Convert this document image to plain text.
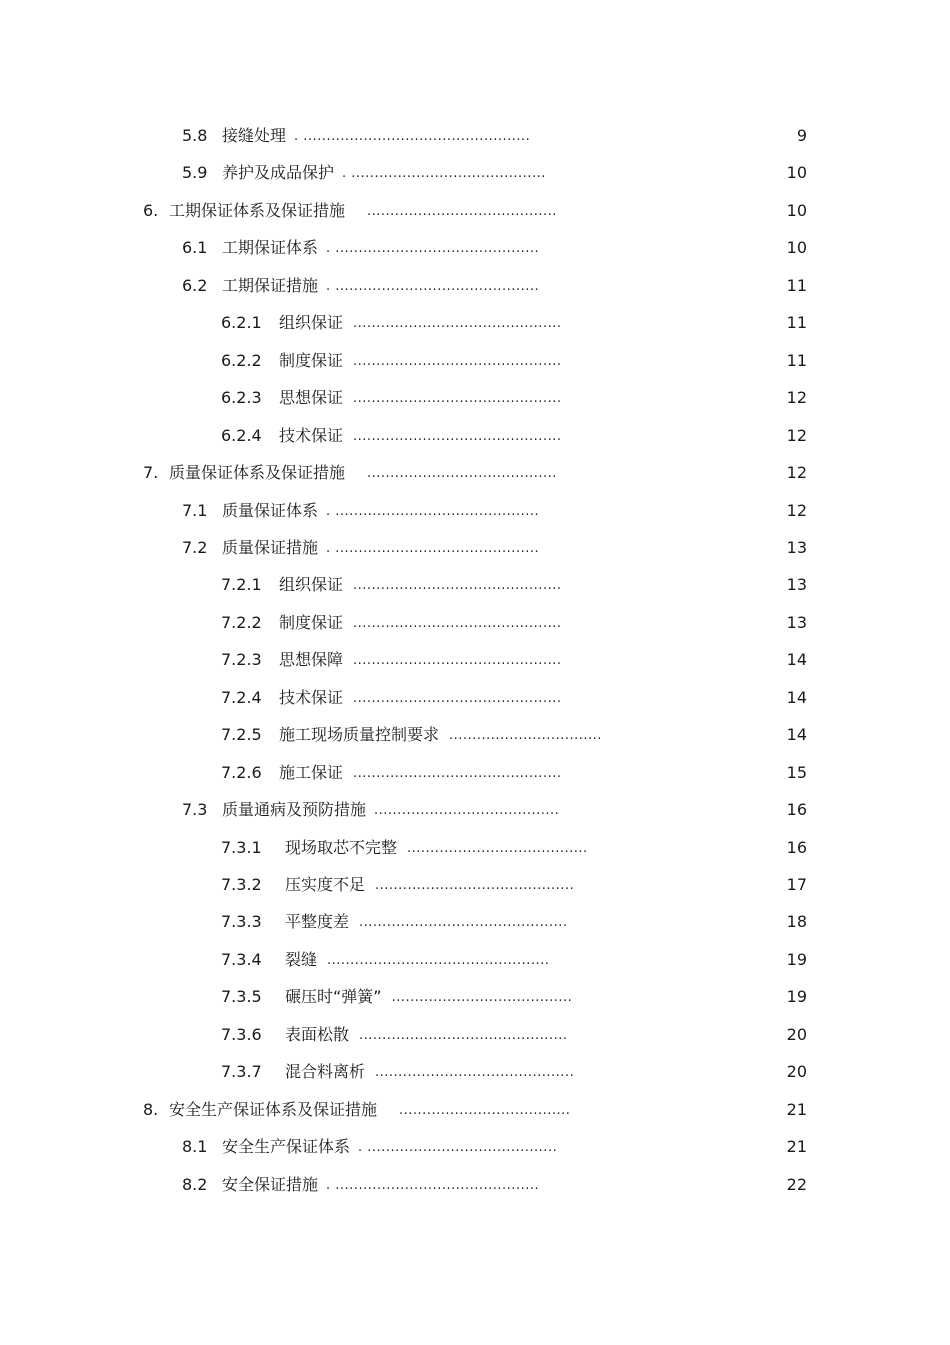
5.8 接缝处理 . .................................................	9
5.9 养护及成品保护 . ..........................................	10
6. 工期保证体系及保证措施 .........................................	10
6.1 工期保证体系 . ............................................	10
6.2 工期保证措施 . ............................................	11
6.2.1 组织保证 .............................................	11
6.2.2 制度保证 .............................................	11
6.2.3 思想保证 .............................................	12
6.2.4 技术保证 .............................................	12
7. 质量保证体系及保证措施 .........................................	12
7.1 质量保证体系 . ............................................	12
7.2 质量保证措施 . ............................................	13
7.2.1 组织保证 .............................................	13
7.2.2 制度保证 .............................................	13
7.2.3 思想保障 .............................................	14
7.2.4 技术保证 .............................................	14
7.2.5 施工现场质量控制要求 .................................	14
7.2.6 施工保证 .............................................	15
7.3 质量通病及预防措施 ........................................	16
7.3.1 现场取芯不完整 .......................................	16
7.3.2 压实度不足 ...........................................	17
7.3.3 平整度差 .............................................	18
7.3.4 裂缝 ................................................	19
7.3.5 碾压时“弹簧” .......................................	19
7.3.6 表面松散 .............................................	20
7.3.7 混合料离析 ...........................................	20
8. 安全生产保证体系及保证措施 .....................................	21
8.1 安全生产保证体系 . .........................................	21
8.2 安全保证措施 . ............................................	22
